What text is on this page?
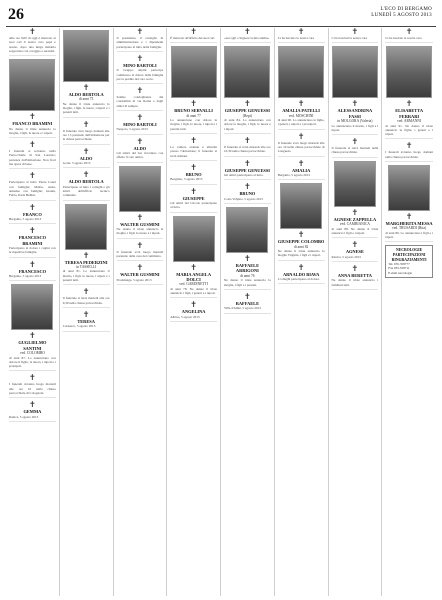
26	L'ECO DI BERGAMO
LUNEDÌ 5 AGOSTO 2013
✝
Alle ore 9,00 di oggi è mancato ai suoi cari il nostro caro papà e nonno, dopo una lunga malattia sopportata con coraggio e serenità.
✝
FRANCO BRAMINI
Ne danno il triste annuncio la moglie, i figli, le nuore e i nipoti.
✝
I funerali si terranno nella Parrocchiale di San Lorenzo; partenza dall'abitazione. Non fiori ma opere di bene.
✝
Partecipano al lutto: Pierre Lanzi con famiglia; Mattia, Anna, Amedeo con famiglie; Gianni, Fabio, Ilaria Bellini.
✝
FRANCO
Bergamo, 5 agosto 2013
✝
FRANCESCO BRAMINI
Partecipano al dolore i cugini con le rispettive famiglie.
✝
FRANCESCO
Bergamo, 5 agosto 2013
✝
GUGLIELMO SANTINI
ved. COLOMBO
di anni 87. Lo annunciano con dolore il figlio, la nuora, i nipoti e i pronipoti.
✝
I funerali avranno luogo martedì alle ore 10 nella chiesa parrocchiale di Colognola.
✝
GEMMA
Ranica, 5 agosto 2013
✝
ALDO BERTOLA
di anni 73
Ne danno il triste annuncio la moglie, i figli, le nuore, i nipoti e i parenti tutti.
✝
Il funerale avrà luogo domani alle ore 15 partendo dall'abitazione per la chiesa parrocchiale.
✝
ALDO
Gorle, 5 agosto 2013
✝
ALDO BERTOLA
Partecipano al lutto i colleghi e gli amici dell'ufficio tecnico comunale.
✝
TERESA PEDERZINI
in TASSELLI
di anni 81. Lo annunciano il marito, i figli, le nuore, i nipoti e i parenti tutti.
✝
Il funerale si terrà martedì alle ore 9,30 nella chiesa parrocchiale.
✝
TERESA
Curnasco, 5 agosto 2013
✝
Il presidente, il consiglio di amministrazione e i dipendenti partecipano al lutto della famiglia.
✝
MINO BARTOLI
Il Gruppo Alpini partecipa commosso al dolore della famiglia per la perdita del caro socio.
✝
Sentite condoglianze dai condomini di via Roma e dagli amici di sempre.
✝
MINO BARTOLI
Nespolo, 5 agosto 2013
✝
ALDO
Gli amici del bar ricordano con affetto il caro amico.
✝
WALTER GUSMINI
Ne danno il triste annuncio la moglie, i figli, le nuore e i nipoti.
✝
Il funerale avrà luogo martedì partendo dalla casa del commiato.
✝
WALTER GUSMINI
Pradalunga, 5 agosto 2013
✝
È mancato all'affetto dei suoi cari
✝
BRUNO SERVALLI
di anni 77
Lo annunciano con dolore la moglie, i figli, le nuore, i nipoti e i parenti tutti.
✝
La camera ardente è allestita presso l'abitazione; il funerale si terrà domani.
✝
BRUNO
Bergamo, 5 agosto 2013
✝
GIUSEPPE
Gli amici del Circolo partecipano al lutto.
✝
MARIA ANGELA DOLCI
ved. GARDINETTI
di anni 78. Ne danno il triste annuncio i figli, i generi e i nipoti.
✝
ANGELINA
Albino, 5 agosto 2013
✝
«Accogli o Signore la mia anima»
✝
GIUSEPPE GENUESSI
(Bepi)
di anni 84. Lo annunciano con dolore la moglie, i figli, le nuore e i nipoti.
✝
Il funerale si terrà martedì alle ore 10,30 nella chiesa parrocchiale.
✝
GIUSEPPE GENUESSI
Gli amici partecipano al lutto.
✝
BRUNO
Costa Volpino, 5 agosto 2013
✝
RAFFAELE ARRIGONI
di anni 76
Ne danno il triste annuncio la moglie, i figli e i parenti.
✝
RAFFAELE
Villa d'Almè, 5 agosto 2013
✝
Ci ha lasciato la nostra cara
✝
AMALIA PATELLI
ved. MOSCHINI
di anni 90. Lo annunciano le figlie, i generi, i nipoti e i pronipoti.
✝
Il funerale avrà luogo martedì alle ore 10 nella chiesa parrocchiale di Longuelo.
✝
AMALIA
Bergamo, 5 agosto 2013
✝
GIUSEPPE COLOMBO
di anni 82
Ne danno il triste annuncio la moglie Virginia, i figli e i nipoti.
✝
ARNALDO BIAVA
I colleghi partecipano al dolore.
✝
Ci ha lasciati la nostra cara
✝
ALESSANDRINA FASSI
in MOLGORA (Valeria)
Lo annunciano il marito, i figli e i nipoti.
✝
Il funerale si terrà martedì nella chiesa parrocchiale.
✝
AGNESE ZAPPELLA
ved. CAMBIANICA
di anni 88. Ne danno il triste annuncio i figli e i nipoti.
✝
AGNESE
Ranica, 5 agosto 2013
✝
ANNA BERETTA
Ne danno il triste annuncio i familiari tutti.
✝
Ci ha lasciato la nostra cara
✝
ELISABETTA FERRARI
ved. ARMANNI
di anni 91. Ne danno il triste annuncio le figlie, i generi e i nipoti.
✝
I funerali avranno luogo domani nella chiesa parrocchiale.
✝
MARGHERITA MESSA
ved. TRUSARDI (Rita)
di anni 86. Lo annunciano i figli e i nipoti.
NECROLOGIE PARTECIPAZIONI RINGRAZIAMENTI
Tel. 035.358777
Fax 035.358711
E-mail necrologie
